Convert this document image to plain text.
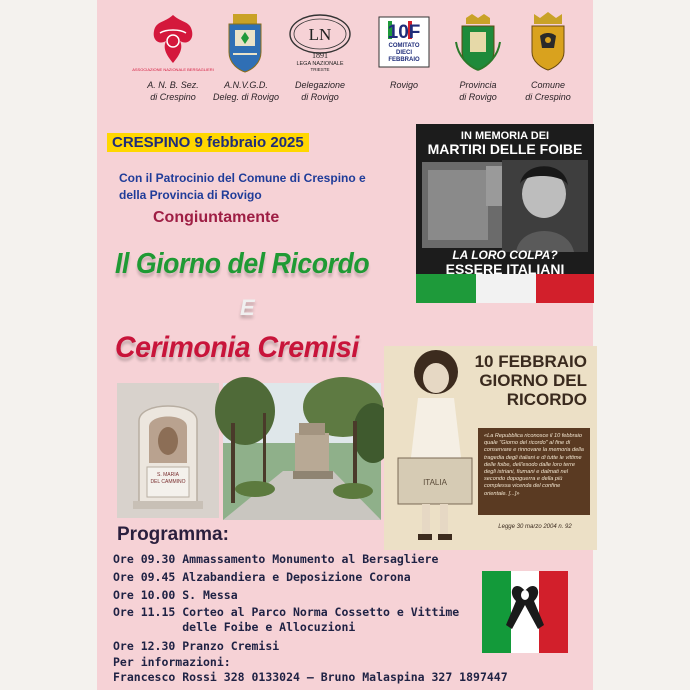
ASSOCIAZIONE NAZIONALE BERSAGLIERI
A. N. B. Sez.
di Crespino
A.N.V.G.D.
Deleg. di Rovigo
LN
1891
LEGA NAZIONALE
TRIESTE
Delegazione
di Rovigo
10F
COMITATO
DIECI
FEBBRAIO
Rovigo	Provincia
di Rovigo
Comune
di Crespino
CRESPINO 9 febbraio 2025
Con il Patrocinio del Comune di Crespino e
della Provincia di Rovigo
Congiuntamente
Il Giorno del Ricordo
E
Cerimonia Cremisi
IN MEMORIA DEI
MARTIRI DELLE FOIBE
LA LORO COLPA?
ESSERE ITALIANI
S. MARIA
DEL CAMMINO	ITALIA
10 FEBBRAIO
GIORNO DEL
RICORDO
«La Repubblica riconosce il 10 febbraio quale "Giorno del ricordo" al fine di conservare e rinnovare la memoria della tragedia degli italiani e di tutte le vittime delle foibe, dell'esodo dalle loro terre degli istriani, fiumani e dalmati nel secondo dopoguerra e della più complessa vicenda del confine orientale. [...]»
Legge 30 marzo 2004 n. 92
Programma:
Ore 09.30 Ammassamento Monumento al Bersagliere
Ore 09.45 Alzabandiera e Deposizione Corona
Ore 10.00 S. Messa
Ore 11.15 Corteo al Parco Norma Cossetto e Vittime
delle Foibe e Allocuzioni
Ore 12.30 Pranzo Cremisi
Per informazioni:
Francesco Rossi 328 0133024 – Bruno Malaspina 327 1897447
